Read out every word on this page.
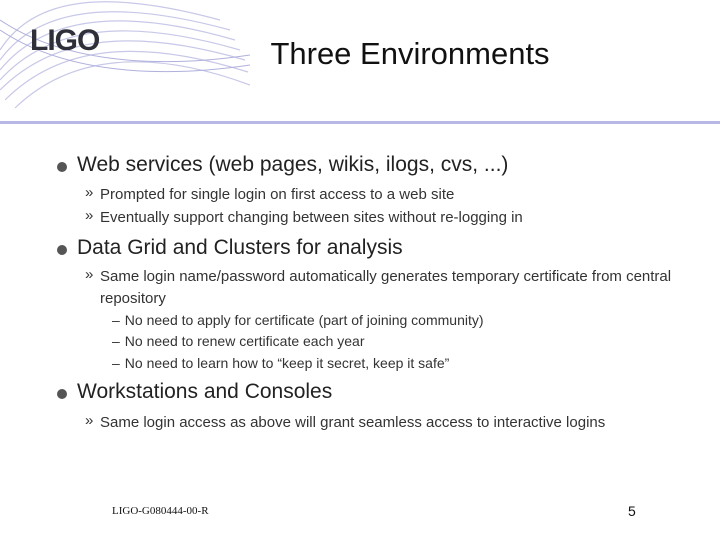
LIGO	Three Environments
Web services (web pages, wikis, ilogs, cvs, ...)
» Prompted for single login on first access to a web site
» Eventually support changing between sites without re-logging in
Data Grid and Clusters for analysis
» Same login name/password automatically generates temporary certificate from central repository
– No need to apply for certificate (part of joining community)
– No need to renew certificate each year
– No need to learn how to “keep it secret, keep it safe”
Workstations and Consoles
» Same login access as above will grant seamless access to interactive logins
LIGO-G080444-00-R	5
